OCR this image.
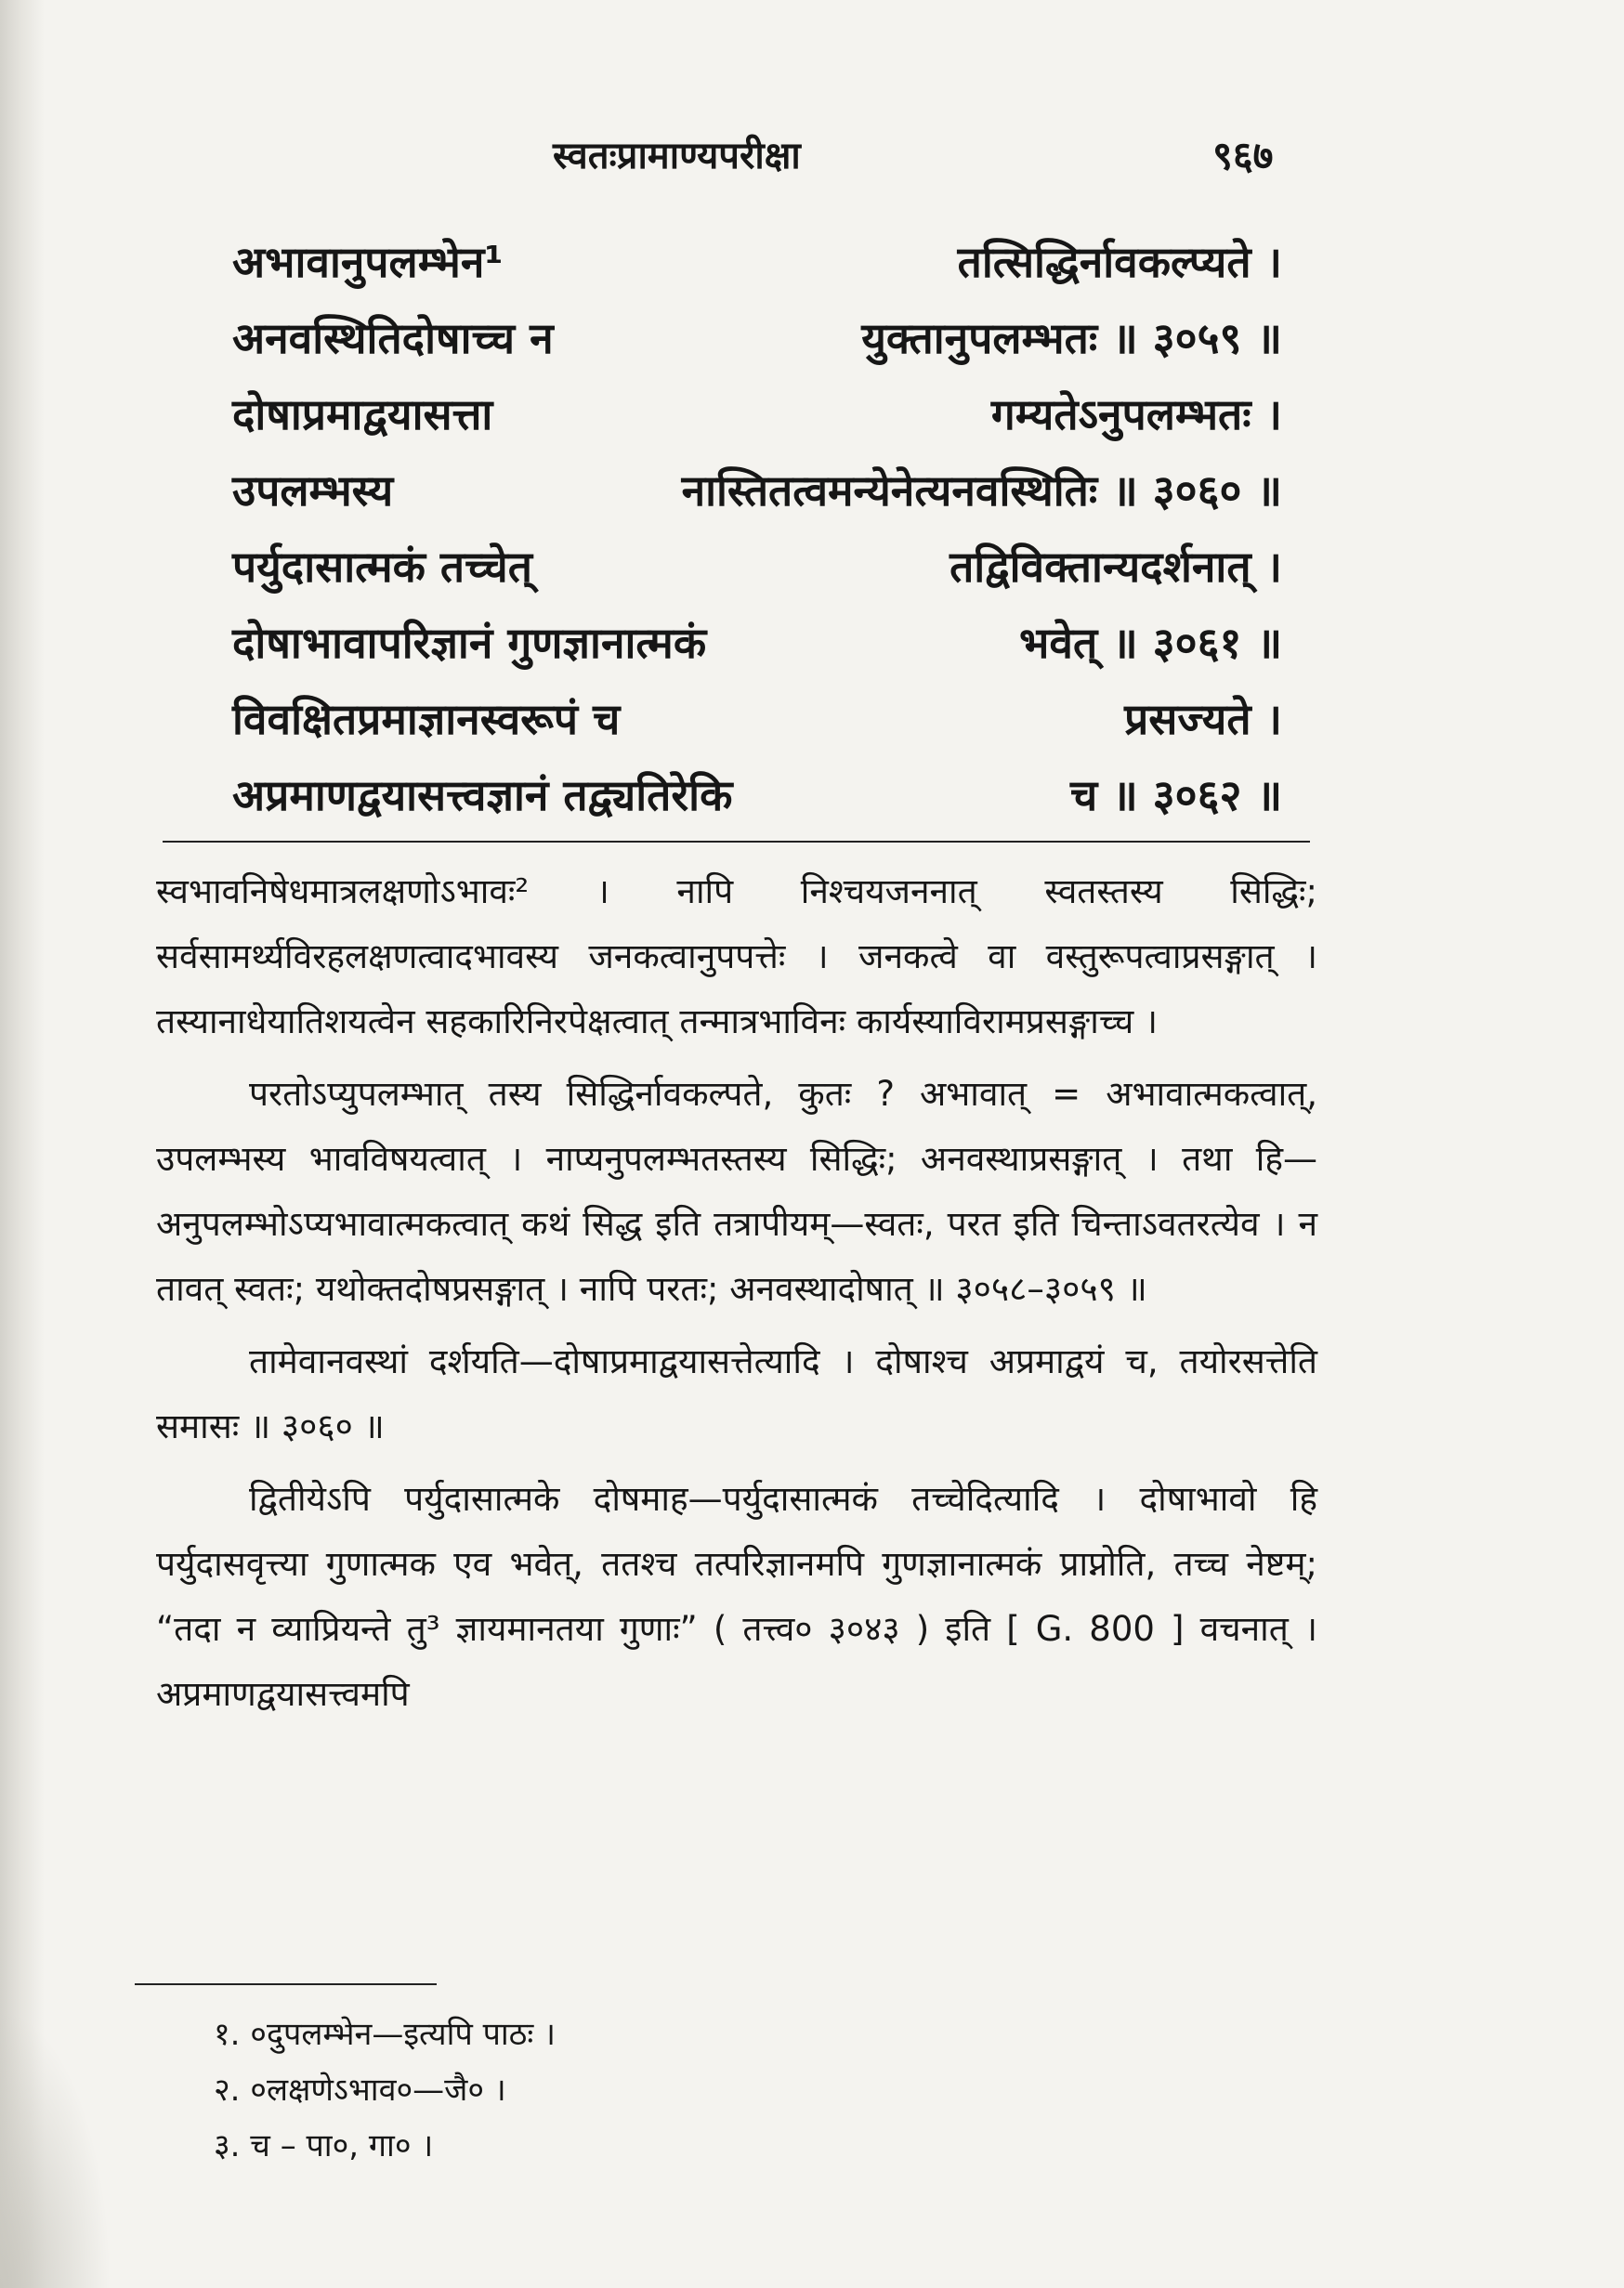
स्वतःप्रामाण्यपरीक्षा	९६७
अभावानुपलम्भेन¹	तत्सिद्धिर्नावकल्प्यते ।
अनवस्थितिदोषाच्च न	युक्तानुपलम्भतः ॥ ३०५९ ॥
दोषाप्रमाद्वयासत्ता	गम्यतेऽनुपलम्भतः ।
उपलम्भस्य	नास्तितत्वमन्येनेत्यनवस्थितिः ॥ ३०६० ॥
पर्युदासात्मकं तच्चेत्	तद्विविक्तान्यदर्शनात् ।
दोषाभावापरिज्ञानं गुणज्ञानात्मकं	भवेत् ॥ ३०६१ ॥
विवक्षितप्रमाज्ञानस्वरूपं च	प्रसज्यते ।
अप्रमाणद्वयासत्त्वज्ञानं तद्व्यतिरेकि	च ॥ ३०६२ ॥

स्वभावनिषेधमात्रलक्षणोऽभावः² । नापि निश्चयजननात् स्वतस्तस्य सिद्धिः; सर्वसामर्थ्यविरहलक्षणत्वादभावस्य जनकत्वानुपपत्तेः । जनकत्वे वा वस्तुरूपत्वाप्रसङ्गात् । तस्यानाधेयातिशयत्वेन सहकारिनिरपेक्षत्वात् तन्मात्रभाविनः कार्यस्याविरामप्रसङ्गाच्च ।

परतोऽप्युपलम्भात् तस्य सिद्धिर्नावकल्पते, कुतः ? अभावात् = अभावात्मकत्वात्, उपलम्भस्य भावविषयत्वात् । नाप्यनुपलम्भतस्तस्य सिद्धिः; अनवस्थाप्रसङ्गात् । तथा हि—अनुपलम्भोऽप्यभावात्मकत्वात् कथं सिद्ध इति तत्रापीयम्—स्वतः, परत इति चिन्ताऽवतरत्येव । न तावत् स्वतः; यथोक्तदोषप्रसङ्गात् । नापि परतः; अनवस्थादोषात् ॥ ३०५८–३०५९ ॥

तामेवानवस्थां दर्शयति—दोषाप्रमाद्वयासत्तेत्यादि । दोषाश्च अप्रमाद्वयं च, तयोरसत्तेति समासः ॥ ३०६० ॥

द्वितीयेऽपि पर्युदासात्मके दोषमाह—पर्युदासात्मकं तच्चेदित्यादि । दोषाभावो हि पर्युदासवृत्त्या गुणात्मक एव भवेत्, ततश्च तत्परिज्ञानमपि गुणज्ञानात्मकं प्राप्नोति, तच्च नेष्टम्; “तदा न व्याप्रियन्ते तु³ ज्ञायमानतया गुणाः” ( तत्त्व० ३०४३ ) इति [ G. 800 ] वचनात् । अप्रमाणद्वयासत्त्वमपि

१. ०दुपलम्भेन—इत्यपि पाठः ।
२. ०लक्षणेऽभाव०—जै० ।
३. च – पा०, गा० ।
